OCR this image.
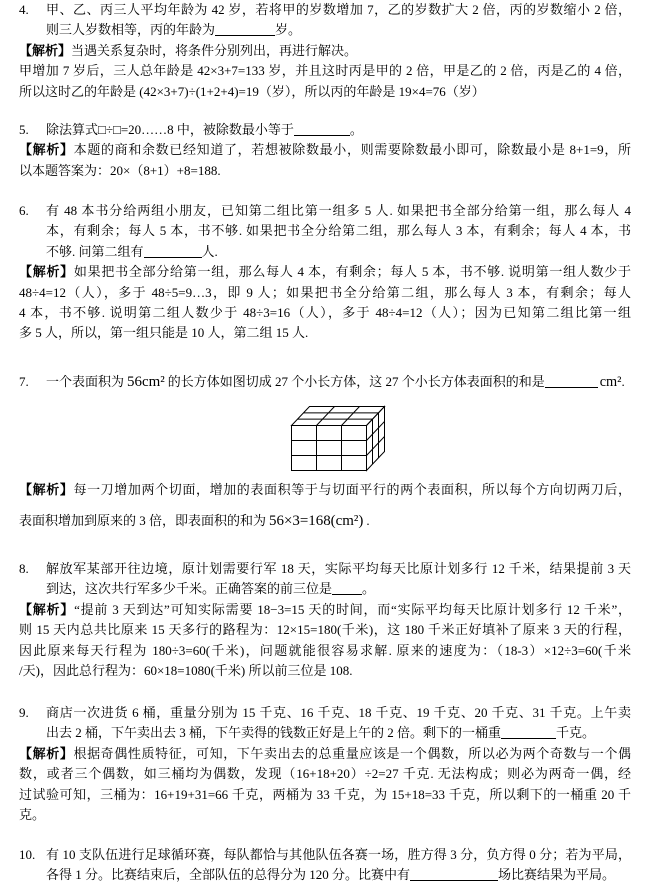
4. 甲、乙、丙三人平均年龄为 42 岁，若将甲的岁数增加 7，乙的岁数扩大 2 倍，丙的岁数缩小 2 倍，
则三人岁数相等，丙的年龄为	岁。
【解析】当遇关系复杂时，将条件分别列出，再进行解决。
甲增加 7 岁后，三人总年龄是 42×3+7=133 岁，并且这时丙是甲的 2 倍，甲是乙的 2 倍，丙是乙的 4 倍，
所以这时乙的年龄是 (42×3+7)÷(1+2+4)=19（岁），所以丙的年龄是 19×4=76（岁）
5. 除法算式□÷□=20……8 中，被除数最小等于	。
【解析】本题的商和余数已经知道了，若想被除数最小，则需要除数最小即可，除数最小是 8+1=9，所
以本题答案为：20×（8+1）+8=188.
6. 有 48 本书分给两组小朋友，已知第二组比第一组多 5 人. 如果把书全部分给第一组，那么每人 4
本，有剩余；每人 5 本，书不够. 如果把书全分给第二组，那么每人 3 本，有剩余；每人 4 本，书
不够. 问第二组有	人.
【解析】如果把书全部分给第一组，那么每人 4 本，有剩余；每人 5 本，书不够. 说明第一组人数少于
48÷4=12（人），多于 48÷5=9…3，即 9 人；如果把书全分给第二组，那么每人 3 本，有剩余；每人
4 本，书不够. 说明第二组人数少于 48÷3=16（人），多于 48÷4=12（人）；因为已知第二组比第一组
多 5 人，所以，第一组只能是 10 人，第二组 15 人.
7. 一个表面积为 56cm² 的长方体如图切成 27 个小长方体，这 27 个小长方体表面积的和是	cm².
【解析】每一刀增加两个切面，增加的表面积等于与切面平行的两个表面积，所以每个方向切两刀后，
表面积增加到原来的 3 倍，即表面积的和为 56×3=168(cm²) .
8. 解放军某部开往边境，原计划需要行军 18 天，实际平均每天比原计划多行 12 千米，结果提前 3 天
到达，这次共行军多少千米。正确答案的前三位是 。
【解析】“提前 3 天到达”可知实际需要 18−3=15 天的时间，而“实际平均每天比原计划多行 12 千米”，
则 15 天内总共比原来 15 天多行的路程为：12×15=180(千米)，这 180 千米正好填补了原来 3 天的行程，
因此原来每天行程为 180÷3=60(千米)，问题就能很容易求解. 原来的速度为：（18-3）×12÷3=60(千米
/天)，因此总行程为：60×18=1080(千米) 所以前三位是 108.
9. 商店一次进货 6 桶，重量分别为 15 千克、16 千克、18 千克、19 千克、20 千克、31 千克。上午卖
出去 2 桶，下午卖出去 3 桶，下午卖得的钱数正好是上午的 2 倍。剩下的一桶重	千克。
【解析】根据奇偶性质特征，可知，下午卖出去的总重量应该是一个偶数，所以必为两个奇数与一个偶
数，或者三个偶数，如三桶均为偶数，发现（16+18+20）÷2=27 千克. 无法构成；则必为两奇一偶，经
过试验可知，三桶为：16+19+31=66 千克，两桶为 33 千克，为 15+18=33 千克，所以剩下的一桶重 20 千
克。
10. 有 10 支队伍进行足球循环赛，每队都恰与其他队伍各赛一场，胜方得 3 分，负方得 0 分；若为平局，
各得 1 分。比赛结束后，全部队伍的总得分为 120 分。比赛中有	场比赛结果为平局。
